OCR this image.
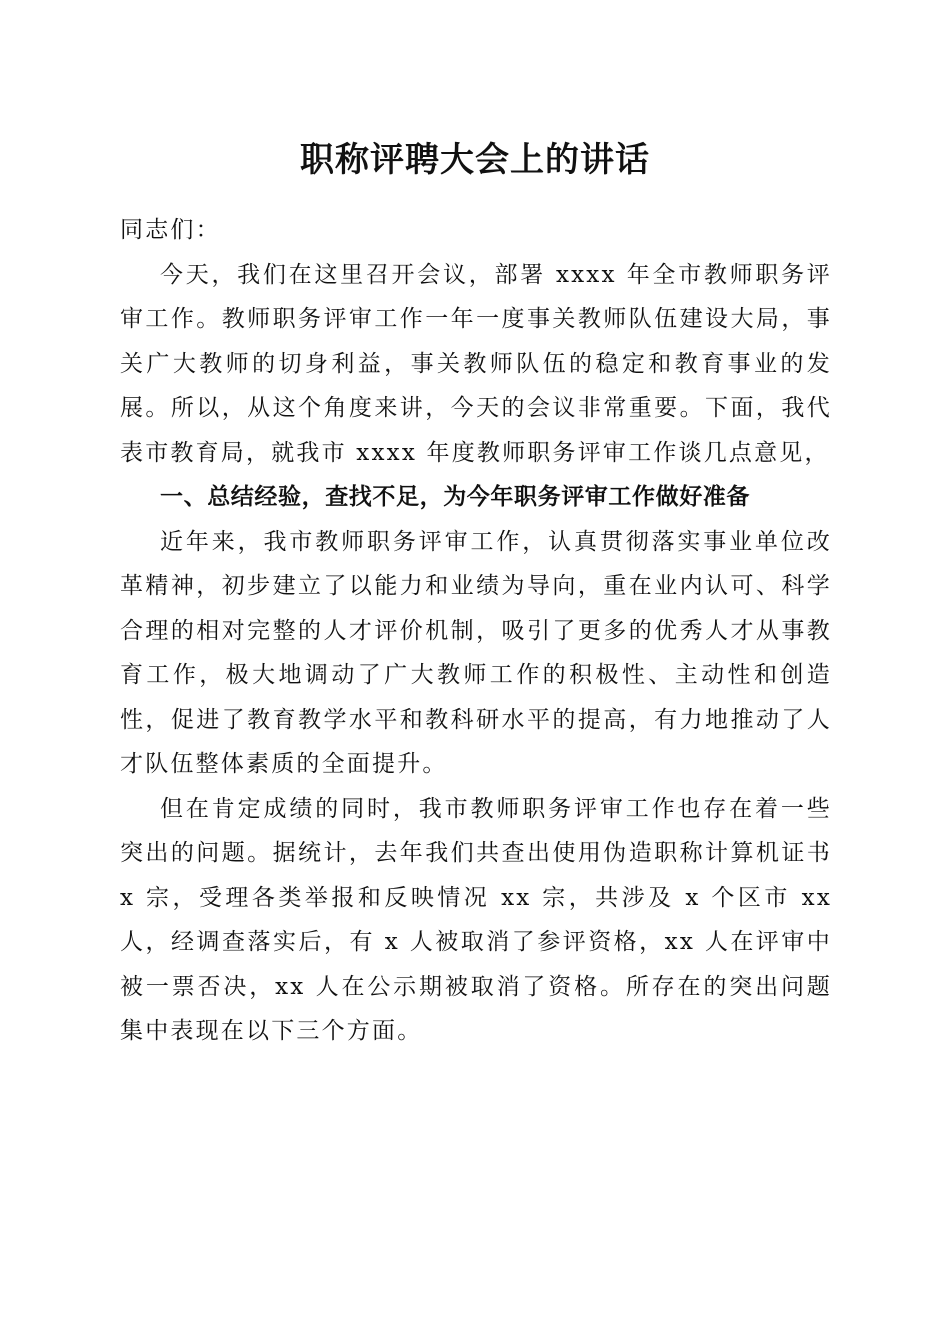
职称评聘大会上的讲话

同志们：

今天，我们在这里召开会议，部署 xxxx 年全市教师职务评审工作。教师职务评审工作一年一度事关教师队伍建设大局，事关广大教师的切身利益，事关教师队伍的稳定和教育事业的发展。所以，从这个角度来讲，今天的会议非常重要。下面，我代表市教育局，就我市 xxxx 年度教师职务评审工作谈几点意见，

一、总结经验，查找不足，为今年职务评审工作做好准备

近年来，我市教师职务评审工作，认真贯彻落实事业单位改革精神，初步建立了以能力和业绩为导向，重在业内认可、科学合理的相对完整的人才评价机制，吸引了更多的优秀人才从事教育工作，极大地调动了广大教师工作的积极性、主动性和创造性，促进了教育教学水平和教科研水平的提高，有力地推动了人才队伍整体素质的全面提升。

但在肯定成绩的同时，我市教师职务评审工作也存在着一些突出的问题。据统计，去年我们共查出使用伪造职称计算机证书 x 宗，受理各类举报和反映情况 xx 宗，共涉及 x 个区市 xx 人，经调查落实后，有 x 人被取消了参评资格，xx 人在评审中被一票否决，xx 人在公示期被取消了资格。所存在的突出问题集中表现在以下三个方面。
